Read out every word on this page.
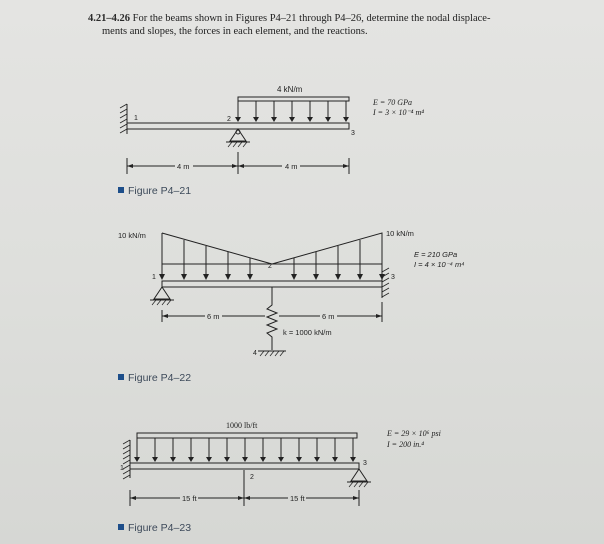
4.21–4.26 For the beams shown in Figures P4–21 through P4–26, determine the nodal displace-
ments and slopes, the forces in each element, and the reactions.
4 kN/m
E = 70 GPa
I = 3 × 10⁻⁴ m⁴
1	2
3
4 m	4 m
Figure P4–21
10 kN/m	10 kN/m
E = 210 GPa
I = 4 × 10⁻⁴ m⁴
1
2
3
4
6 m	6 m
k = 1000 kN/m
Figure P4–22
1000 lb/ft
E = 29 × 10⁶ psi
I = 200 in.⁴
1
2
3
15 ft	15 ft
Figure P4–23
